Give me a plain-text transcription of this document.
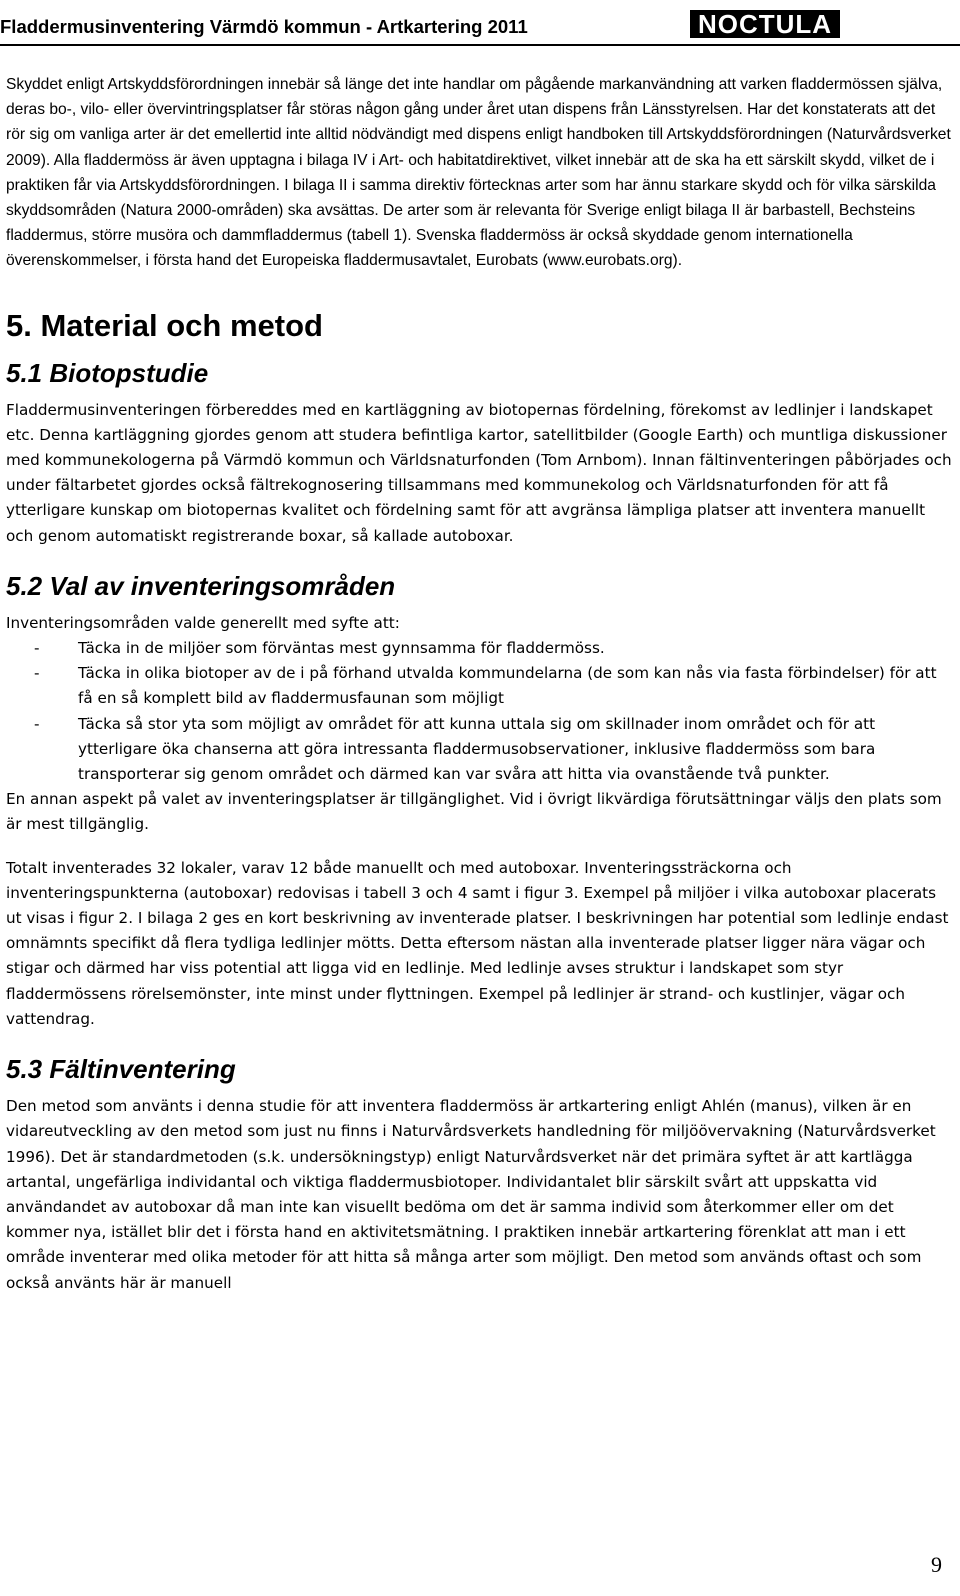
Fladdermusinventering Värmdö kommun - Artkartering 2011	NOCTULA

Skyddet enligt Artskyddsförordningen innebär så länge det inte handlar om pågående markanvändning att varken fladdermössen själva, deras bo-, vilo- eller övervintringsplatser får störas någon gång under året utan dispens från Länsstyrelsen. Har det konstaterats att det rör sig om vanliga arter är det emellertid inte alltid nödvändigt med dispens enligt handboken till Artskyddsförordningen (Naturvårdsverket 2009). Alla fladdermöss är även upptagna i bilaga IV i Art- och habitatdirektivet, vilket innebär att de ska ha ett särskilt skydd, vilket de i praktiken får via Artskyddsförordningen. I bilaga II i samma direktiv förtecknas arter som har ännu starkare skydd och för vilka särskilda skyddsområden (Natura 2000-områden) ska avsättas. De arter som är relevanta för Sverige enligt bilaga II är barbastell, Bechsteins fladdermus, större musöra och dammfladdermus (tabell 1). Svenska fladdermöss är också skyddade genom internationella överenskommelser, i första hand det Europeiska fladdermusavtalet, Eurobats (www.eurobats.org).

5. Material och metod
5.1 Biotopstudie

Fladdermusinventeringen förbereddes med en kartläggning av biotopernas fördelning, förekomst av ledlinjer i landskapet etc. Denna kartläggning gjordes genom att studera befintliga kartor, satellitbilder (Google Earth) och muntliga diskussioner med kommunekologerna på Värmdö kommun och Världsnaturfonden (Tom Arnbom). Innan fältinventeringen påbörjades och under fältarbetet gjordes också fältrekognosering tillsammans med kommunekolog och Världsnaturfonden för att få ytterligare kunskap om biotopernas kvalitet och fördelning samt för att avgränsa lämpliga platser att inventera manuellt och genom automatiskt registrerande boxar, så kallade autoboxar.

5.2 Val av inventeringsområden

Inventeringsområden valde generellt med syfte att:

-	Täcka in de miljöer som förväntas mest gynnsamma för fladdermöss.
-	Täcka in olika biotoper av de i på förhand utvalda kommundelarna (de som kan nås via fasta förbindelser) för att få en så komplett bild av fladdermusfaunan som möjligt
-	Täcka så stor yta som möjligt av området för att kunna uttala sig om skillnader inom området och för att ytterligare öka chanserna att göra intressanta fladdermusobservationer, inklusive fladdermöss som bara transporterar sig genom området och därmed kan var svåra att hitta via ovanstående två punkter.

En annan aspekt på valet av inventeringsplatser är tillgänglighet. Vid i övrigt likvärdiga förutsättningar väljs den plats som är mest tillgänglig.

Totalt inventerades 32 lokaler, varav 12 både manuellt och med autoboxar. Inventeringssträckorna och inventeringspunkterna (autoboxar) redovisas i tabell 3 och 4 samt i figur 3. Exempel på miljöer i vilka autoboxar placerats ut visas i figur 2. I bilaga 2 ges en kort beskrivning av inventerade platser. I beskrivningen har potential som ledlinje endast omnämnts specifikt då flera tydliga ledlinjer mötts. Detta eftersom nästan alla inventerade platser ligger nära vägar och stigar och därmed har viss potential att ligga vid en ledlinje. Med ledlinje avses struktur i landskapet som styr fladdermössens rörelsemönster, inte minst under flyttningen. Exempel på ledlinjer är strand- och kustlinjer, vägar och vattendrag.

5.3 Fältinventering

Den metod som använts i denna studie för att inventera fladdermöss är artkartering enligt Ahlén (manus), vilken är en vidareutveckling av den metod som just nu finns i Naturvårdsverkets handledning för miljöövervakning (Naturvårdsverket 1996). Det är standardmetoden (s.k. undersökningstyp) enligt Naturvårdsverket när det primära syftet är att kartlägga artantal, ungefärliga individantal och viktiga fladdermusbiotoper. Individantalet blir särskilt svårt att uppskatta vid användandet av autoboxar då man inte kan visuellt bedöma om det är samma individ som återkommer eller om det kommer nya, istället blir det i första hand en aktivitetsmätning. I praktiken innebär artkartering förenklat att man i ett område inventerar med olika metoder för att hitta så många arter som möjligt. Den metod som används oftast och som också använts här är manuell

9
